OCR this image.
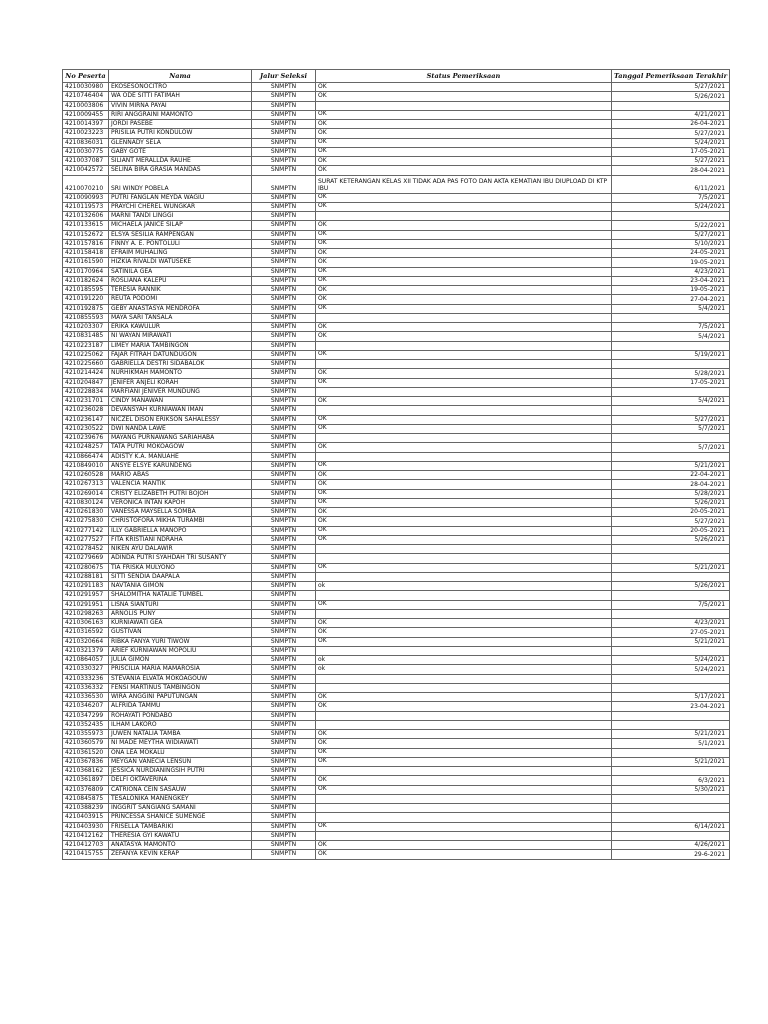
No Peserta	Nama	Jalur Seleksi	Status Pemeriksaan	Tanggal Pemeriksaan Terakhir
4210030980	EKOSESONOCITRO	SNMPTN	OK	5/27/2021
4210746404	WA ODE SITTI FATIMAH	SNMPTN	OK	5/26/2021
4210003806	VIVIN MIRNA PAYAI	SNMPTN		
4210009455	RIRI ANGGRAINI MAMONTO	SNMPTN	OK	4/21/2021
4210014397	JORDI PASEBE	SNMPTN	OK	26-04-2021
4210023223	PRISILIA PUTRI KONDULOW	SNMPTN	OK	5/27/2021
4210836031	GLENNADY SELA	SNMPTN	OK	5/24/2021
4210030775	GABY GOTE	SNMPTN	OK	17-05-2021
4210037087	SILIANT MERALLDA RAUHE	SNMPTN	OK	5/27/2021
4210042572	SELINA BIRA GRASIA MANDAS	SNMPTN	OK	28-04-2021
4210070210	SRI WINDY POBELA	SNMPTN	SURAT KETERANGAN KELAS XII TIDAK ADA PAS FOTO DAN AKTA KEMATIAN IBU DIUPLOAD DI KTP IBU	6/11/2021
4210090993	PUTRI FANGLAN MEYDA WAGIU	SNMPTN	OK	7/5/2021
4210119573	PRAYCHI CHEREL WUNGKAR	SNMPTN	OK	5/24/2021
4210132606	MARNI TANDI LINGGI	SNMPTN		
4210133615	MICHAELA JANICE SILAP	SNMPTN	OK	5/22/2021
4210152672	ELSYA SESILIA RAMPENGAN	SNMPTN	OK	5/27/2021
4210157816	FINNY A. E. PONTOLULI	SNMPTN	OK	5/10/2021
4210158418	EFRAIM MUHALING	SNMPTN	OK	24-05-2021
4210161590	HIZKIA RIVALDI WATUSEKE	SNMPTN	OK	19-05-2021
4210170964	SATINILA GEA	SNMPTN	OK	4/23/2021
4210182624	ROSLIANA KALEPU	SNMPTN	OK	23-04-2021
4210185595	TERESIA RANNIK	SNMPTN	OK	19-05-2021
4210191220	REUTA PODOMI	SNMPTN	OK	27-04-2021
4210192875	GEBY ANASTASYA MENDROFA	SNMPTN	OK	5/4/2021
4210855593	MAYA SARI TANSALA	SNMPTN		
4210203307	ERIKA KAWULUR	SNMPTN	OK	7/5/2021
4210831485	NI WAYAN MIRAWATI	SNMPTN	OK	5/4/2021
4210223187	LIMEY MARIA TAMBINGON	SNMPTN		
4210225062	FAJAR FITRAH DATUNDUGON	SNMPTN	OK	5/19/2021
4210225660	GABRIELLA DESTRI SIDABALOK	SNMPTN		
4210214424	NURHIKMAH MAMONTO	SNMPTN	OK	5/28/2021
4210204847	JENIFER ANJELI KORAH	SNMPTN	OK	17-05-2021
4210228834	MARFIANI JENIVER MUNDUNG	SNMPTN		
4210231701	CINDY MANAWAN	SNMPTN	OK	5/4/2021
4210236028	DEVANSYAH KURNIAWAN IMAN	SNMPTN		
4210236147	NICZEL DISON ERIKSON SAHALESSY	SNMPTN	OK	5/27/2021
4210230522	DWI NANDA LAWE	SNMPTN	OK	5/7/2021
4210239676	MAYANG PURNAWANG SARIAHABA	SNMPTN		
4210248257	TATA PUTRI MOKOAGOW	SNMPTN	OK	5/7/2021
4210866474	ADISTY K.A. MANUAHE	SNMPTN		
4210849010	ANSYE ELSYE KARUNDENG	SNMPTN	OK	5/21/2021
4210260528	MARIO ABAS	SNMPTN	OK	22-04-2021
4210267313	VALENCIA MANTIK	SNMPTN	OK	28-04-2021
4210269014	CRISTY ELIZABETH PUTRI BOJOH	SNMPTN	OK	5/28/2021
4210830124	VERONICA INTAN KAPOH	SNMPTN	OK	5/26/2021
4210261830	VANESSA MAYSELLA SOMBA	SNMPTN	OK	20-05-2021
4210275830	CHRISTOFORA MIKHA TURAMBI	SNMPTN	OK	5/27/2021
4210277142	ILLY GABRIELLA MANOPO	SNMPTN	OK	20-05-2021
4210277527	FITA KRISTIANI NDRAHA	SNMPTN	OK	5/26/2021
4210278452	NIKEN AYU DALAWIR	SNMPTN		
4210279669	ADINDA PUTRI SYAHDAH TRI SUSANTY	SNMPTN		
4210280675	TIA FRISKA MULYONO	SNMPTN	OK	5/21/2021
4210288181	SITTI SENDIA DAAPALA	SNMPTN		
4210291183	NAVTANIA GIMON	SNMPTN	ok	5/26/2021
4210291957	SHALOMITHA NATALIE TUMBEL	SNMPTN		
4210291951	LISNA SIANTURI	SNMPTN	OK	7/5/2021
4210298263	ARNOLIS PUNY	SNMPTN		
4210306163	KURNIAWATI GEA	SNMPTN	OK	4/23/2021
4210316592	GUSTIVAN	SNMPTN	OK	27-05-2021
4210320664	RIBKA FANYA YURI TIWOW	SNMPTN	OK	5/21/2021
4210321379	ARIEF KURNIAWAN MOPOLIU	SNMPTN		
4210864057	JULIA GIMON	SNMPTN	ok	5/24/2021
4210330327	PRISCILIA MARIA MAMAROSIA	SNMPTN	ok	5/24/2021
4210333236	STEVANIA ELVATA MOKOAGOUW	SNMPTN		
4210336332	FENSI MARTINUS TAMBINGON	SNMPTN		
4210336530	WIRA ANGGINI PAPUTUNGAN	SNMPTN	OK	5/17/2021
4210346207	ALFRIDA TAMMU	SNMPTN	OK	23-04-2021
4210347299	ROHAYATI PONDABO	SNMPTN		
4210352435	ILHAM LAKORO	SNMPTN		
4210355973	JUWEN NATALIA TAMBA	SNMPTN	OK	5/21/2021
4210360579	NI MADE MEYTHA WIDIAWATI	SNMPTN	OK	5/1/2021
4210361520	ONA LEA MOKALU	SNMPTN	OK	
4210367836	MEYGAN VANECIA LENSUN	SNMPTN	OK	5/21/2021
4210368162	JESSICA NURDIANINGSIH PUTRI	SNMPTN		
4210361897	DELFI OKTAVERINA	SNMPTN	OK	6/3/2021
4210376809	CATRIONA CEIN SASAUW	SNMPTN	OK	5/30/2021
4210845875	TESALONIKA MANENGKEY	SNMPTN		
4210388239	INGGRIT SANGIANG SAMANI	SNMPTN		
4210403915	PRINCESSA SHANICE SUMENGE	SNMPTN		
4210403930	FRISELLA TAMBARIKI	SNMPTN	OK	6/14/2021
4210412162	THERESIA GYI KAWATU	SNMPTN		
4210412703	ANATASYA MAMONTO	SNMPTN	OK	4/26/2021
4210415755	ZEFANYA KEVIN KERAP	SNMPTN	OK	29-6-2021
